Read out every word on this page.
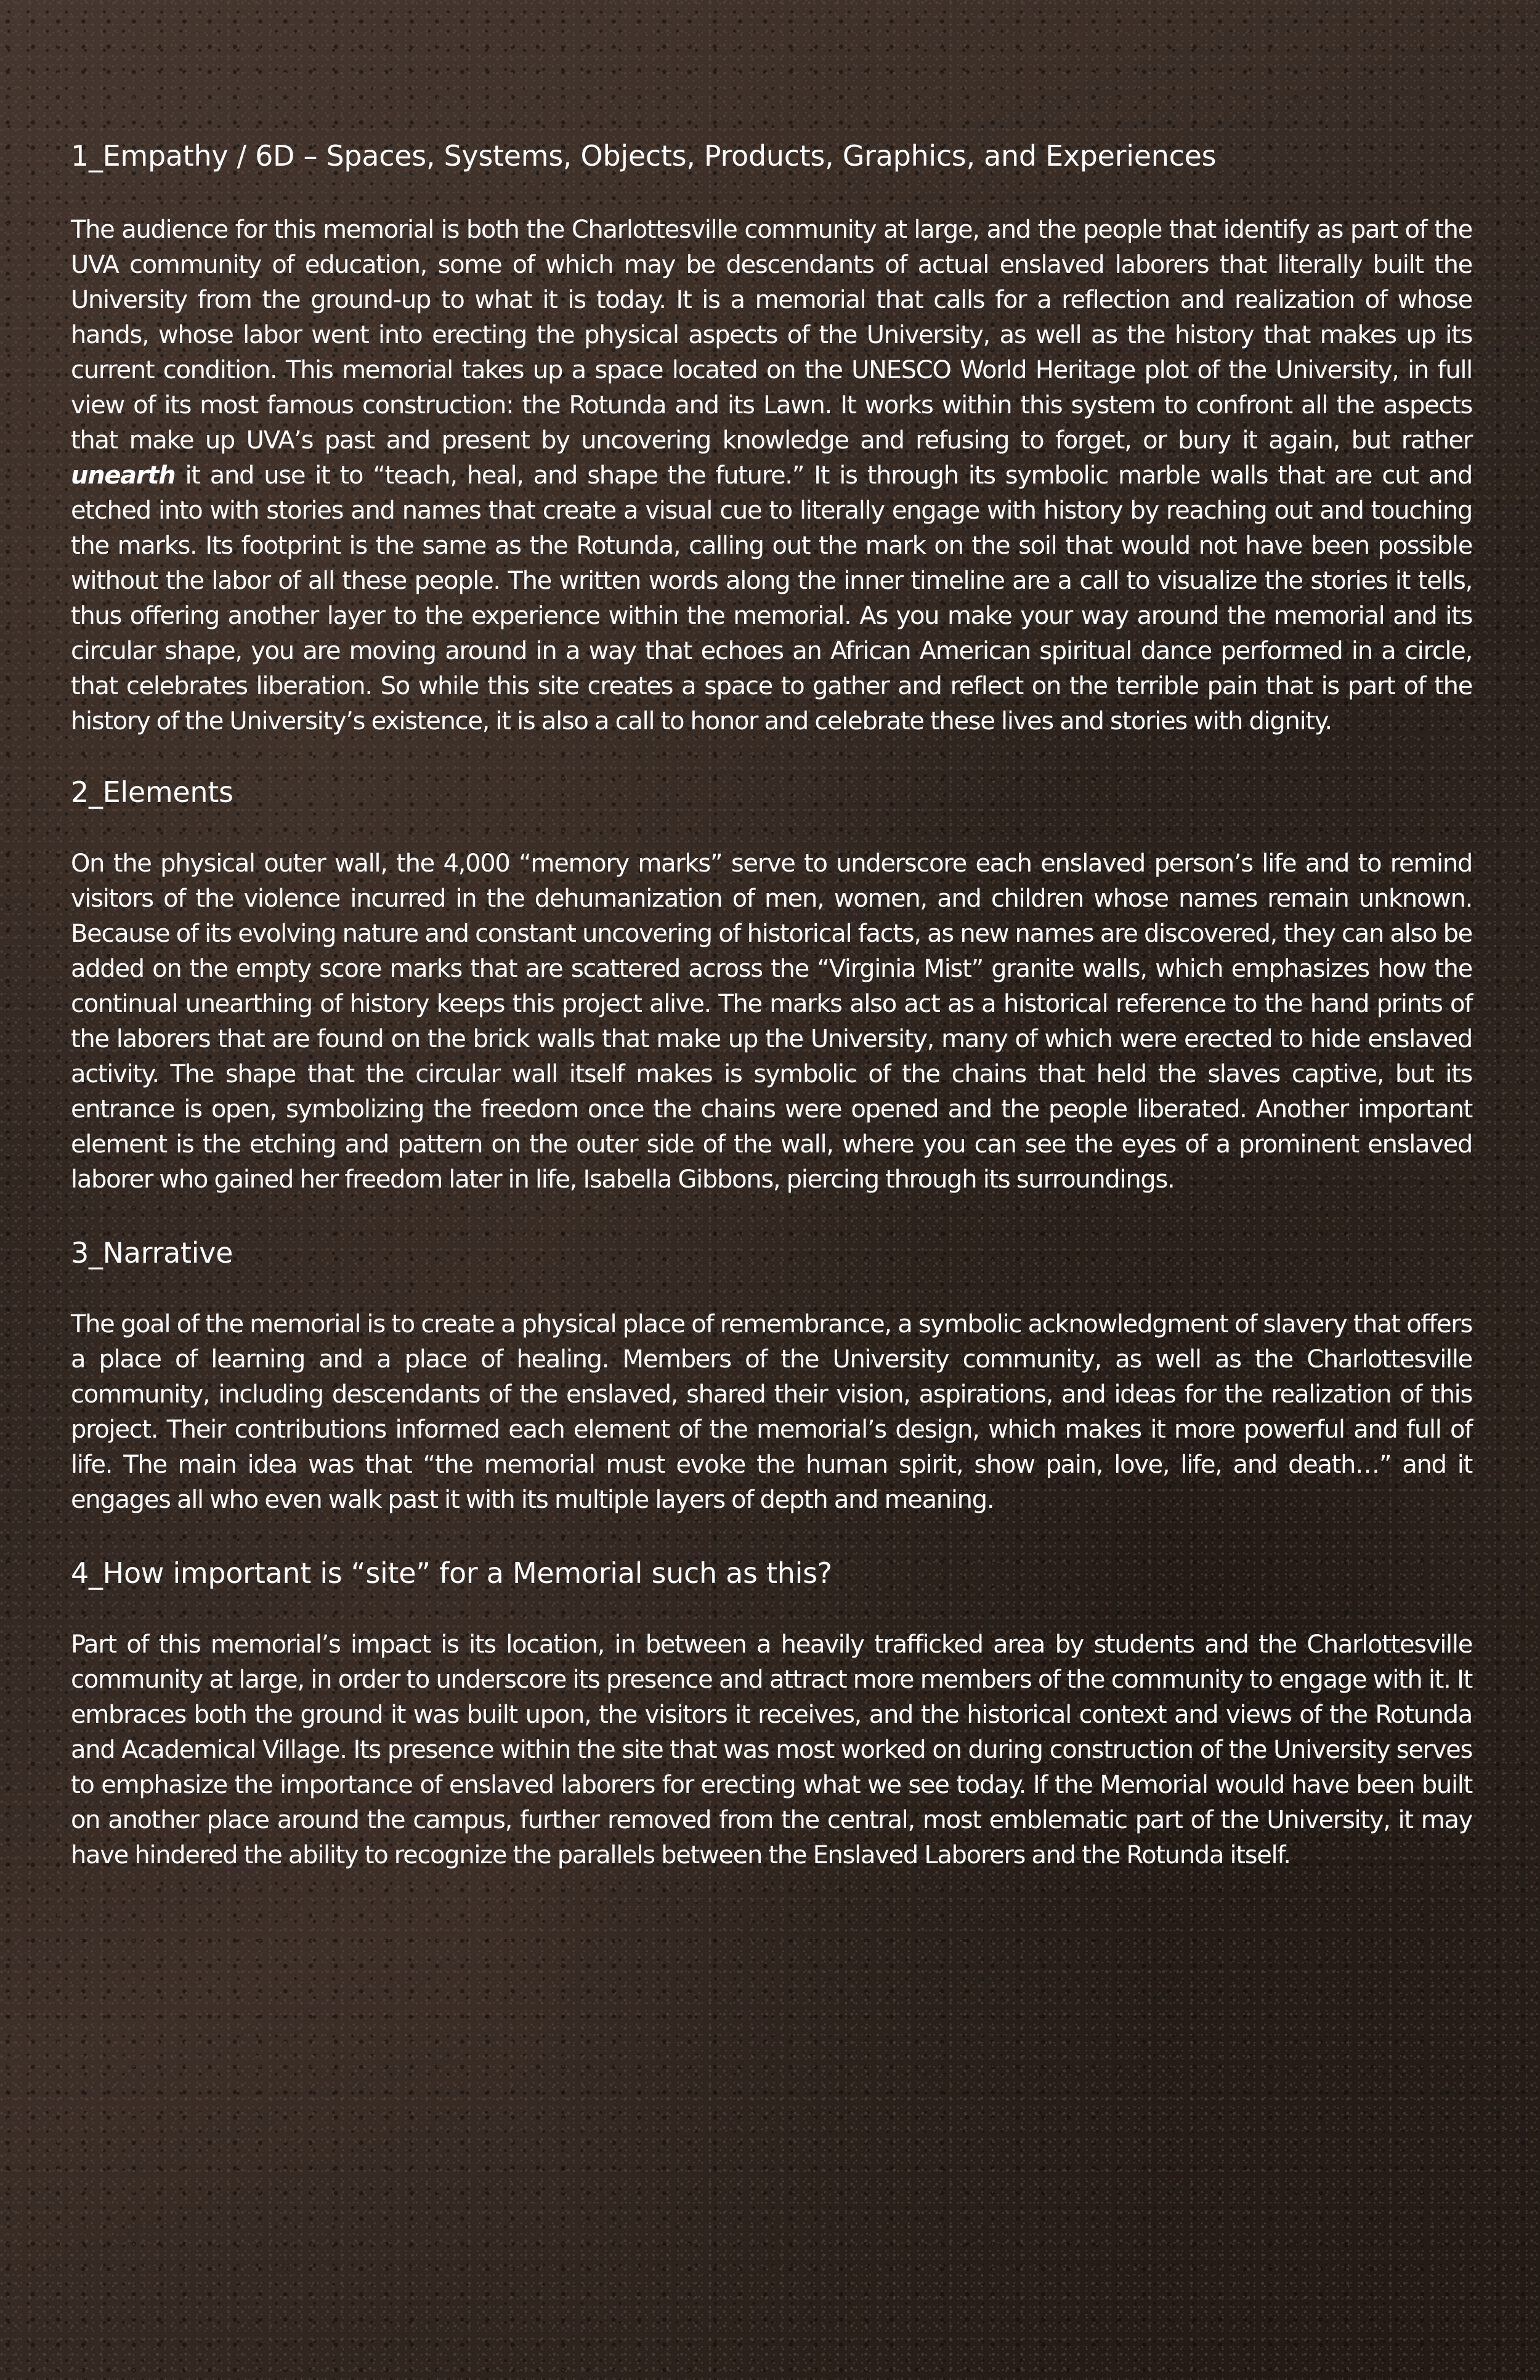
1_Empathy / 6D – Spaces, Systems, Objects, Products, Graphics, and Experiences

The audience for this memorial is both the Charlottesville community at large, and the people that identify as part of the UVA community of education, some of which may be descendants of actual enslaved laborers that literally built the University from the ground-up to what it is today. It is a memorial that calls for a reflection and realization of whose hands, whose labor went into erecting the physical aspects of the University, as well as the history that makes up its current condition. This memorial takes up a space located on the UNESCO World Heritage plot of the University, in full view of its most famous construction: the Rotunda and its Lawn. It works within this system to confront all the aspects that make up UVA’s past and present by uncovering knowledge and refusing to forget, or bury it again, but rather unearth it and use it to “teach, heal, and shape the future.” It is through its symbolic marble walls that are cut and etched into with stories and names that create a visual cue to literally engage with history by reaching out and touching the marks. Its footprint is the same as the Rotunda, calling out the mark on the soil that would not have been possible without the labor of all these people. The written words along the inner timeline are a call to visualize the stories it tells, thus offering another layer to the experience within the memorial. As you make your way around the memorial and its circular shape, you are moving around in a way that echoes an African American spiritual dance performed in a circle, that celebrates liberation. So while this site creates a space to gather and reflect on the terrible pain that is part of the history of the University’s existence, it is also a call to honor and celebrate these lives and stories with dignity.

2_Elements

On the physical outer wall, the 4,000 “memory marks” serve to underscore each enslaved person’s life and to remind visitors of the violence incurred in the dehumanization of men, women, and children whose names remain unknown. Because of its evolving nature and constant uncovering of historical facts, as new names are discovered, they can also be added on the empty score marks that are scattered across the “Virginia Mist” granite walls, which emphasizes how the continual unearthing of history keeps this project alive. The marks also act as a historical reference to the hand prints of the laborers that are found on the brick walls that make up the University, many of which were erected to hide enslaved activity. The shape that the circular wall itself makes is symbolic of the chains that held the slaves captive, but its entrance is open, symbolizing the freedom once the chains were opened and the people liberated. Another important element is the etching and pattern on the outer side of the wall, where you can see the eyes of a prominent enslaved laborer who gained her freedom later in life, Isabella Gibbons, piercing through its surroundings.

3_Narrative

The goal of the memorial is to create a physical place of remembrance, a symbolic acknowledgment of slavery that offers a place of learning and a place of healing. Members of the University community, as well as the Charlottesville community, including descendants of the enslaved, shared their vision, aspirations, and ideas for the realization of this project. Their contributions informed each element of the memorial’s design, which makes it more powerful and full of life. The main idea was that “the memorial must evoke the human spirit, show pain, love, life, and death…” and it engages all who even walk past it with its multiple layers of depth and meaning.

4_How important is “site” for a Memorial such as this?

Part of this memorial’s impact is its location, in between a heavily trafficked area by students and the Charlottesville community at large, in order to underscore its presence and attract more members of the community to engage with it. It embraces both the ground it was built upon, the visitors it receives, and the historical context and views of the Rotunda and Academical Village. Its presence within the site that was most worked on during construction of the University serves to emphasize the importance of enslaved laborers for erecting what we see today. If the Memorial would have been built on another place around the campus, further removed from the central, most emblematic part of the University, it may have hindered the ability to recognize the parallels between the Enslaved Laborers and the Rotunda itself.
